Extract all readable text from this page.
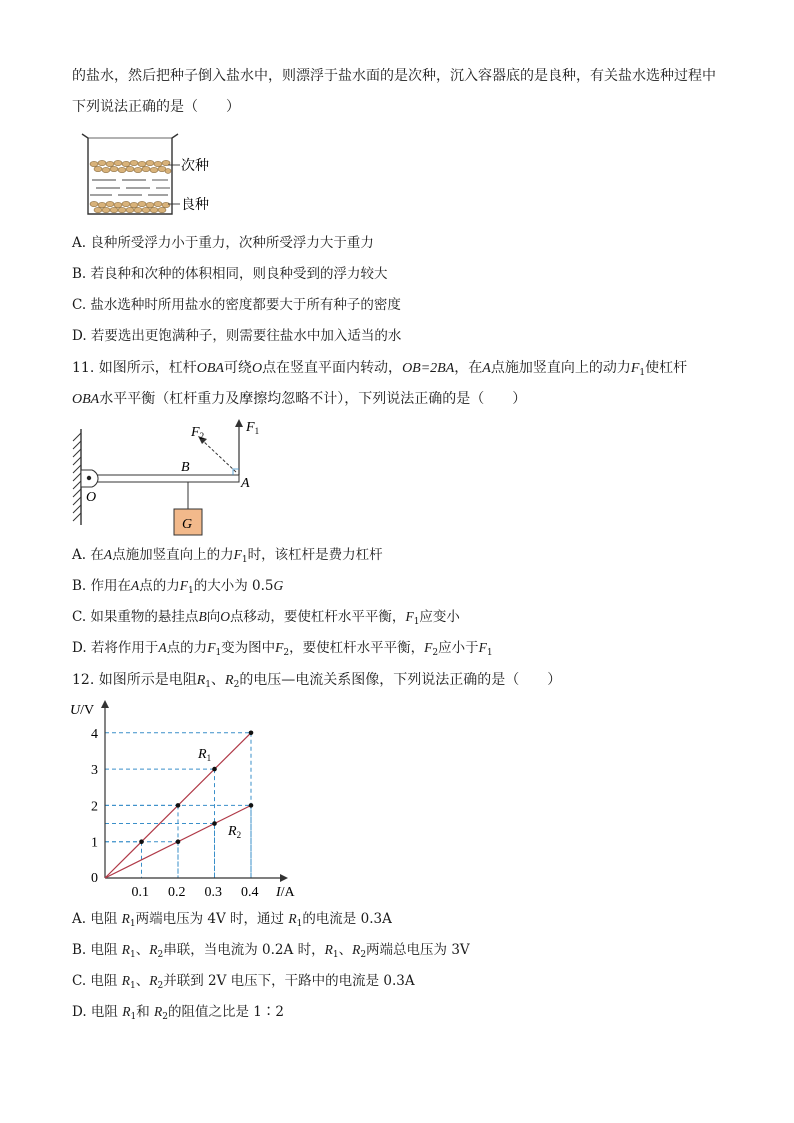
的盐水，然后把种子倒入盐水中，则漂浮于盐水面的是次种，沉入容器底的是良种，有关盐水选种过程中
下列说法正确的是（　　）
次种
良种
A. 良种所受浮力小于重力，次种所受浮力大于重力
B. 若良种和次种的体积相同，则良种受到的浮力较大
C. 盐水选种时所用盐水的密度都要大于所有种子的密度
D. 若要选出更饱满种子，则需要往盐水中加入适当的水
11. 如图所示，杠杆OBA可绕O点在竖直平面内转动，OB=2BA，在A点施加竖直向上的动力$F_1$使杠杆
OBA水平平衡（杠杆重力及摩擦均忽略不计），下列说法正确的是（　　）
G
$F_1$
$F_2$
B
A
O
A. 在A点施加竖直向上的力$F_1$时，该杠杆是费力杠杆
B. 作用在A点的力$F_1$的大小为 0.5G
C. 如果重物的悬挂点B向O点移动，要使杠杆水平平衡，$F_1$应变小
D. 若将作用于A点的力$F_1$变为图中$F_2$，要使杠杆水平平衡，$F_2$应小于$F_1$
12. 如图所示是电阻$R_1$、$R_2$的电压—电流关系图像，下列说法正确的是（　　）
1
2
3
4
0.1 0.2 0.3 0.4
0
U/V
I/A
$R_1$
$R_2$
A. 电阻 $R_1$两端电压为 4V 时，通过 $R_1$的电流是 0.3A
B. 电阻 $R_1$、$R_2$串联，当电流为 0.2A 时，$R_1$、$R_2$两端总电压为 3V
C. 电阻 $R_1$、$R_2$并联到 2V 电压下，干路中的电流是 0.3A
D. 电阻 $R_1$和 $R_2$的阻值之比是 1∶2
